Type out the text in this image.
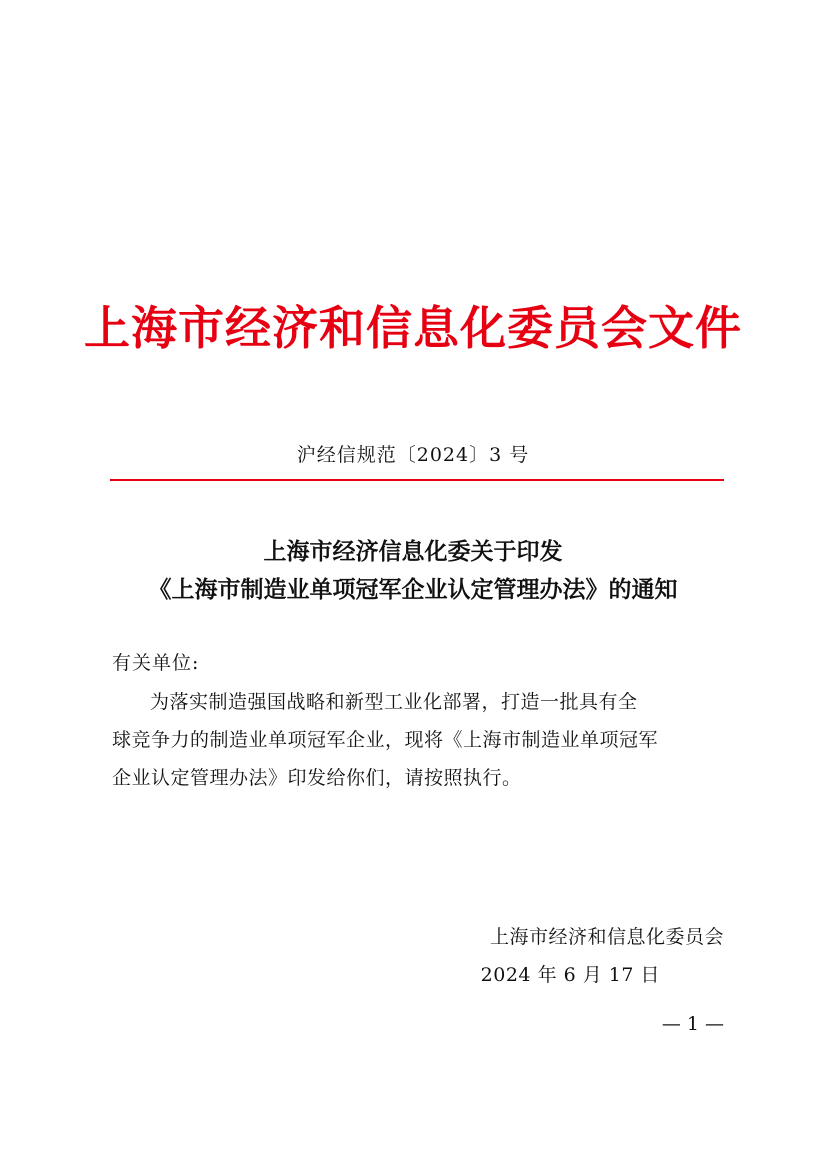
上海市经济和信息化委员会文件
沪经信规范〔2024〕3 号
上海市经济信息化委关于印发
《上海市制造业单项冠军企业认定管理办法》的通知
有关单位:
为落实制造强国战略和新型工业化部署，打造一批具有全
球竞争力的制造业单项冠军企业，现将《上海市制造业单项冠军
企业认定管理办法》印发给你们，请按照执行。
上海市经济和信息化委员会
2024 年 6 月 17 日
— 1 —
